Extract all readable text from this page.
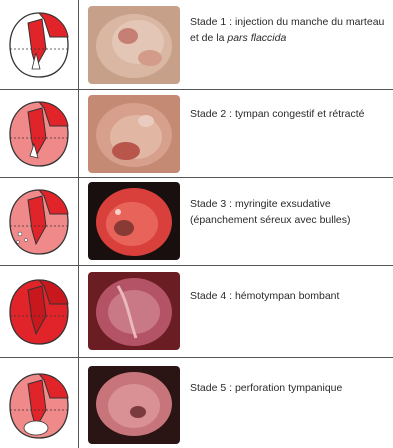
Stade 1 : injection du manche du marteau et de la pars flaccida
Stade 2 : tympan congestif et rétracté
Stade 3 : myringite exsudative (épanchement séreux avec bulles)
Stade 4 : hémotympan bombant
Stade 5 : perforation tympanique
